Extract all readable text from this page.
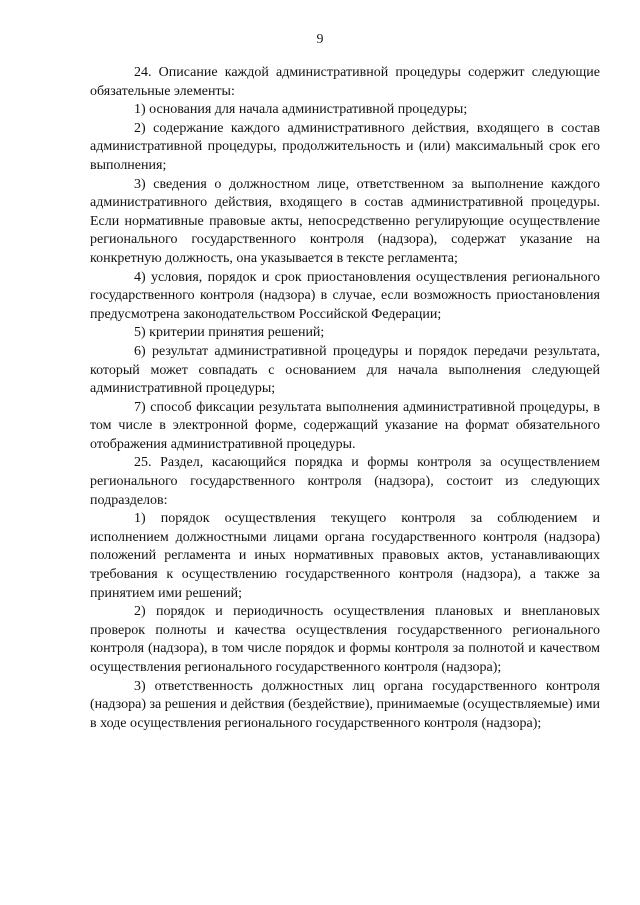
9

24. Описание каждой административной процедуры содержит следующие обязательные элементы:

1) основания для начала административной процедуры;

2) содержание каждого административного действия, входящего в состав административной процедуры, продолжительность и (или) максимальный срок его выполнения;

3) сведения о должностном лице, ответственном за выполнение каждого административного действия, входящего в состав административной процедуры. Если нормативные правовые акты, непосредственно регулирующие осуществление регионального государственного контроля (надзора), содержат указание на конкретную должность, она указывается в тексте регламента;

4) условия, порядок и срок приостановления осуществления регионального государственного контроля (надзора) в случае, если возможность приостановления предусмотрена законодательством Российской Федерации;

5) критерии принятия решений;

6) результат административной процедуры и порядок передачи результата, который может совпадать с основанием для начала выполнения следующей административной процедуры;

7) способ фиксации результата выполнения административной процедуры, в том числе в электронной форме, содержащий указание на формат обязательного отображения административной процедуры.

25. Раздел, касающийся порядка и формы контроля за осуществлением регионального государственного контроля (надзора), состоит из следующих подразделов:

1) порядок осуществления текущего контроля за соблюдением и исполнением должностными лицами органа государственного контроля (надзора) положений регламента и иных нормативных правовых актов, устанавливающих требования к осуществлению государственного контроля (надзора), а также за принятием ими решений;

2) порядок и периодичность осуществления плановых и внеплановых проверок полноты и качества осуществления государственного регионального контроля (надзора), в том числе порядок и формы контроля за полнотой и качеством осуществления регионального государственного контроля (надзора);

3) ответственность должностных лиц органа государственного контроля (надзора) за решения и действия (бездействие), принимаемые (осуществляемые) ими в ходе осуществления регионального государственного контроля (надзора);
